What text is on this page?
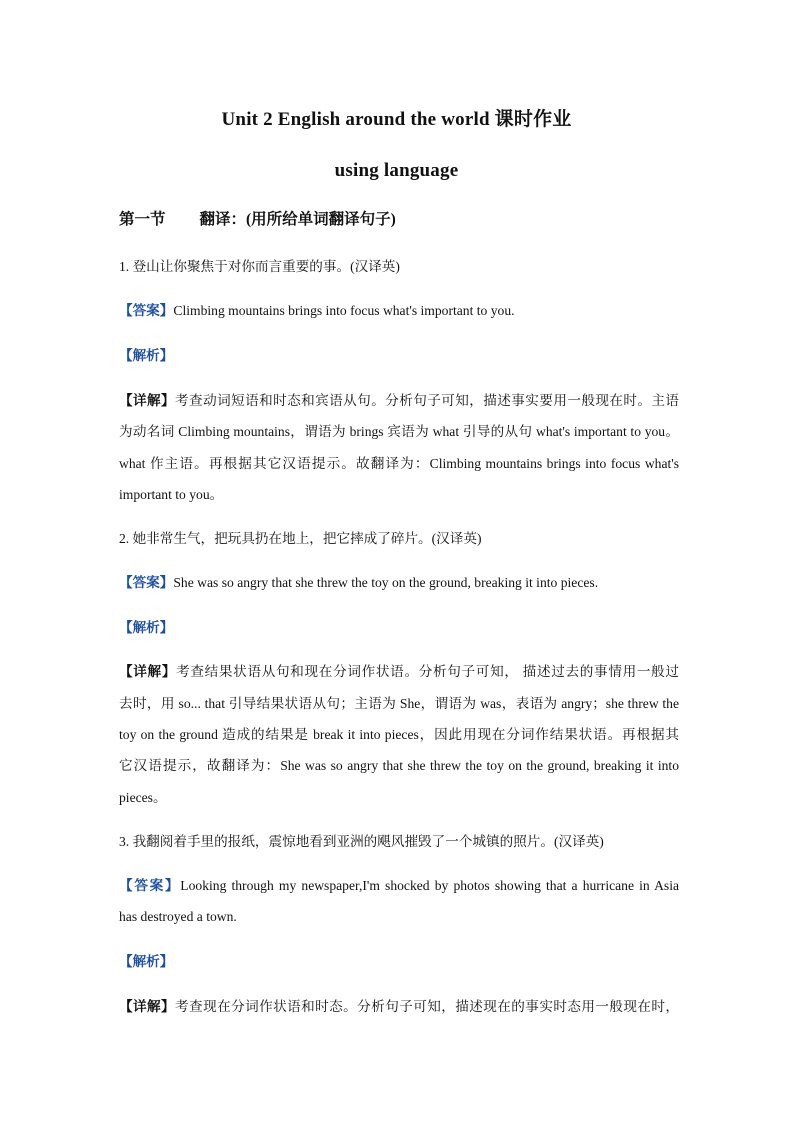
Unit 2 English around the world 课时作业
using language
第一节 翻译：(用所给单词翻译句子)
1. 登山让你聚焦于对你而言重要的事。(汉译英)
【答案】Climbing mountains brings into focus what's important to you.
【解析】
【详解】考查动词短语和时态和宾语从句。分析句子可知，描述事实要用一般现在时。主语
为动名词 Climbing mountains，谓语为 brings 宾语为 what 引导的从句 what's important to you。
what 作主语。再根据其它汉语提示。故翻译为：Climbing mountains brings into focus what's
important to you。
2. 她非常生气，把玩具扔在地上，把它摔成了碎片。(汉译英)
【答案】She was so angry that she threw the toy on the ground, breaking it into pieces.
【解析】
【详解】考查结果状语从句和现在分词作状语。分析句子可知， 描述过去的事情用一般过
去时，用 so... that 引导结果状语从句；主语为 She，谓语为 was，表语为 angry；she threw the
toy on the ground 造成的结果是 break it into pieces，因此用现在分词作结果状语。再根据其
它汉语提示，故翻译为：She was so angry that she threw the toy on the ground, breaking it into
pieces。
3. 我翻阅着手里的报纸，震惊地看到亚洲的飓风摧毁了一个城镇的照片。(汉译英)
【答案】Looking through my newspaper,I'm shocked by photos showing that a hurricane in Asia
has destroyed a town.
【解析】
【详解】考查现在分词作状语和时态。分析句子可知，描述现在的事实时态用一般现在时，
